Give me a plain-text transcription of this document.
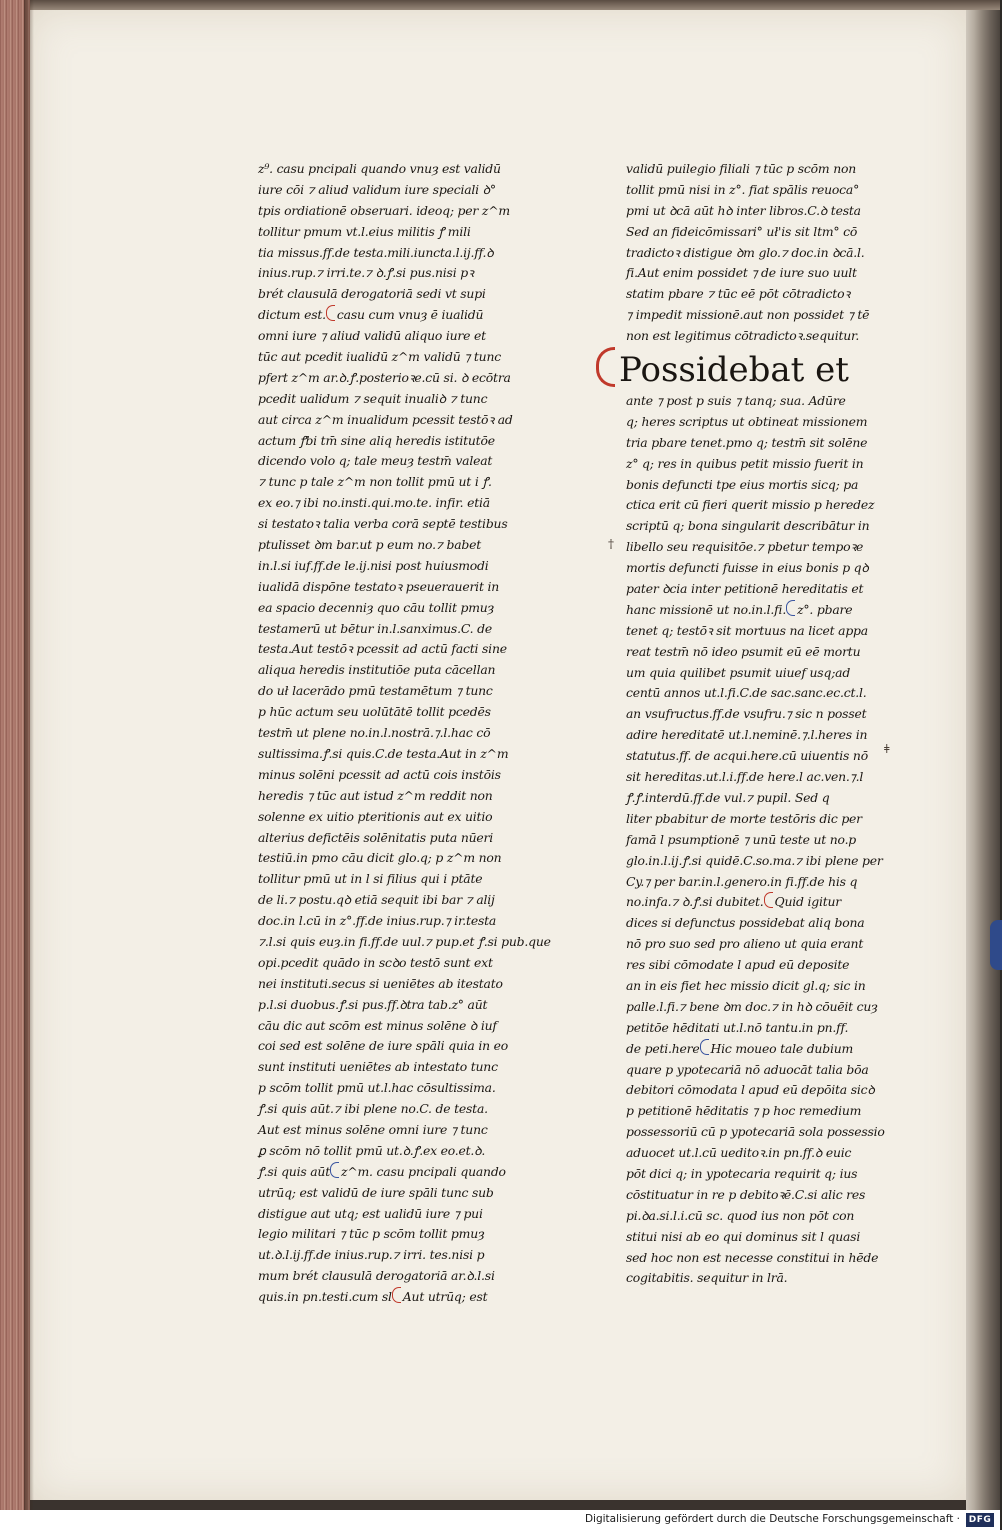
z⁹. casu pncipali quando vnuȝ est validū
iure cōi ⁊ aliud validum iure speciali ꝺ°
tpis ordiationē obseruari. ideoq; per z^m
tollitur pmum vt.l.eius militis ꝭ mili
tia missus.ff.de testa.mili.iuncta.l.ij.ff.ꝺ
inius.rup.⁊ irri.te.⁊ ꝺ.ꝭ.si pus.nisi pꝛ
brét clausulā derogatoriā sedi vt supi
dictum est. casu cum vnuȝ ē iualidū
omni iure ⁊ aliud validū aliquo iure et
tūc aut pcedit iualidū z^m validū ⁊ tunc
pfert z^m ar.ꝺ.ꝭ.posterioꝛe.cū si. ꝺ ecōtra
pcedit ualidum ⁊ sequit inualiꝺ ⁊ tunc
aut circa z^m inualidum pcessit testōꝛ ad
actum ꝭbi tm̄ sine aliq heredis istitutōe
dicendo volo q; tale meuȝ testm̄ valeat
⁊ tunc p tale z^m non tollit pmū ut i ꝭ.
ex eo.⁊ ibi no.insti.qui.mo.te. infir. etiā
si testatoꝛ talia verba corā septē testibus
ptulisset ꝺm bar.ut p eum no.⁊ babet
in.l.si iuf.ff.de le.ij.nisi post huiusmodi
iualidā dispōne testatoꝛ pseuerauerit in
ea spacio decenniȝ quo cāu tollit pmuȝ
testamerū ut bētur in.l.sanximus.C. de
testa.Aut testōꝛ pcessit ad actū facti sine
aliqua heredis institutiōe puta cācellan
do uł lacerādo pmū testamētum ⁊ tunc
p hūc actum seu uolūtātē tollit pcedēs
testm̄ ut plene no.in.l.nostrā.⁊.l.hac cō
sultissima.ꝭ.si quis.C.de testa.Aut in z^m
minus solēni pcessit ad actū cois instōis
heredis ⁊ tūc aut istud z^m reddit non
solenne ex uitio pteritionis aut ex uitio
alterius defictēis solēnitatis puta nūeri
testiū.in pmo cāu dicit glo.q; p z^m non
tollitur pmū ut in l si filius qui i ptāte
de li.⁊ postu.qꝺ etiā sequit ibi bar ⁊ alij
doc.in l.cū in z°.ff.de inius.rup.⁊ ir.testa
⁊.l.si quis euȝ.in fi.ff.de uul.⁊ pup.et ꝭ.si pub.que
opi.pcedit quādo in scꝺo testō sunt ext
nei instituti.secus si ueniētes ab itestato
p.l.si duobus.ꝭ.si pus.ff.ꝺtra tab.z° aūt
cāu dic aut scōm est minus solēne ꝺ iuf
coi sed est solēne de iure spāli quia in eo
sunt instituti ueniētes ab intestato tunc
p scōm tollit pmū ut.l.hac cōsultissima.
ꝭ.si quis aūt.⁊ ibi plene no.C. de testa.
Aut est minus solēne omni iure ⁊ tunc
ꝑ scōm nō tollit pmū ut.ꝺ.ꝭ.ex eo.et.ꝺ.
ꝭ.si quis aūt z^m. casu pncipali quando
utrūq; est validū de iure spāli tunc sub
distigue aut utq; est ualidū iure ⁊ pui
legio militari ⁊ tūc p scōm tollit pmuȝ
ut.ꝺ.l.ij.ff.de inius.rup.⁊ irri. tes.nisi p
mum brét clausulā derogatoriā ar.ꝺ.l.si
quis.in pn.testi.cum sl Aut utrūq; est
validū puilegio filiali ⁊ tūc p scōm non
tollit pmū nisi in z°. fiat spālis reuoca°
pmi ut ꝺcā aūt hꝺ inter libros.C.ꝺ testa
Sed an fideicōmissari° uł'is sit ltm° cō
tradictoꝛ distigue ꝺm glo.⁊ doc.in ꝺcā.l.
fi.Aut enim possidet ⁊ de iure suo uult
statim pbare ⁊ tūc eē pōt cōtradictoꝛ
⁊ impedit missionē.aut non possidet ⁊ tē
non est legitimus cōtradictoꝛ.sequitur.
Possidebat et
ante ⁊ post p suis ⁊ tanq; sua. Adūre
q; heres scriptus ut obtineat missionem
tria pbare tenet.pmo q; testm̄ sit solēne
z° q; res in quibus petit missio fuerit in
bonis defuncti tpe eius mortis sicq; pa
ctica erit cū fieri querit missio p heredez
scriptū q; bona singularit describātur in
libello seu requisitōe.⁊ pbetur tempoꝛe
mortis defuncti fuisse in eius bonis p qꝺ
pater ꝺcia inter petitionē hereditatis et
hanc missionē ut no.in.l.fi. z°. pbare
tenet q; testōꝛ sit mortuus na licet appa
reat testm̄ nō ideo psumit eū eē mortu
um quia quilibet psumit uiuef usq;ad
centū annos ut.l.fi.C.de sac.sanc.ec.ct.l.
an vsufructus.ff.de vsufru.⁊ sic n posset
adire hereditatē ut.l.neminē.⁊.l.heres in
statutus.ff. de acqui.here.cū uiuentis nō
sit hereditas.ut.l.i.ff.de here.l ac.ven.⁊.l
ꝭ.ꝭ.interdū.ff.de vul.⁊ pupil. Sed q
liter pbabitur de morte testōris dic per
famā l psumptionē ⁊ unū teste ut no.p
glo.in.l.ij.ꝭ.si quidē.C.so.ma.⁊ ibi plene per
Cy.⁊ per bar.in.l.genero.in fi.ff.de his q
no.infa.⁊ ꝺ.ꝭ.si dubitet. Quid igitur
dices si defunctus possidebat aliq bona
nō pro suo sed pro alieno ut quia erant
res sibi cōmodate l apud eū deposite
an in eis fiet hec missio dicit gl.q; sic in
palle.l.fi.⁊ bene ꝺm doc.⁊ in hꝺ cōuēit cuȝ
petitōe hēditati ut.l.nō tantu.in pn.ff.
de peti.here Hic moueo tale dubium
quare p ypotecariā nō aduocāt talia bōa
debitori cōmodata l apud eū depōita sicꝺ
p petitionē hēditatis ⁊ p hoc remedium
possessoriū cū p ypotecariā sola possessio
aduocet ut.l.cū ueditoꝛ.in pn.ff.ꝺ euic
pōt dici q; in ypotecaria requirit q; ius
cōstituatur in re p debitoꝛē.C.si alic res
pi.ꝺa.si.l.i.cū sc. quod ius non pōt con
stitui nisi ab eo qui dominus sit l quasi
sed hoc non est necesse constitui in hēde
cogitabitis. sequitur in lrā.
†
ǂ
Digitalisierung gefördert durch die Deutsche Forschungsgemeinschaft · DFG
